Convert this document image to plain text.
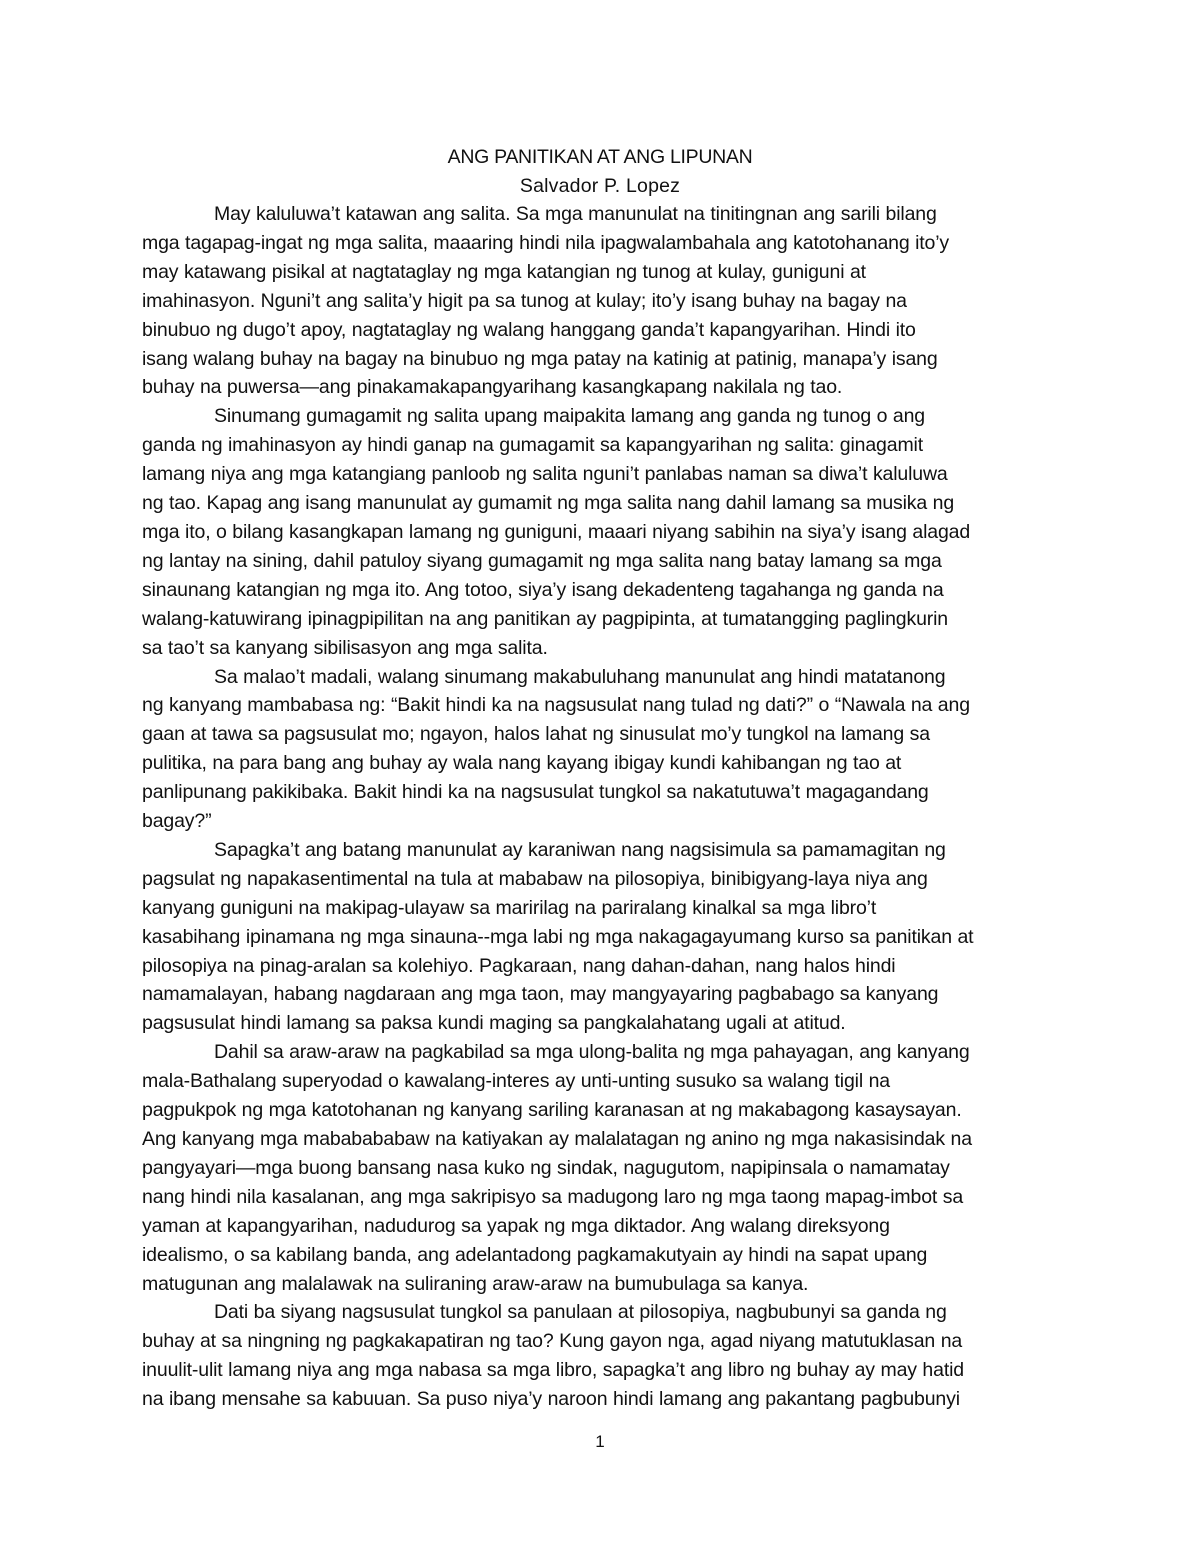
ANG PANITIKAN AT ANG LIPUNAN

Salvador P. Lopez

May kaluluwa’t katawan ang salita. Sa mga manunulat na tinitingnan ang sarili bilang
mga tagapag-ingat ng mga salita, maaaring hindi nila ipagwalambahala ang katotohanang ito’y
may katawang pisikal at nagtataglay ng mga katangian ng tunog at kulay, guniguni at
imahinasyon. Nguni’t ang salita’y higit pa sa tunog at kulay; ito’y isang buhay na bagay na
binubuo ng dugo’t apoy, nagtataglay ng walang hanggang ganda’t kapangyarihan. Hindi ito
isang walang buhay na bagay na binubuo ng mga patay na katinig at patinig, manapa’y isang
buhay na puwersa—ang pinakamakapangyarihang kasangkapang nakilala ng tao.

Sinumang gumagamit ng salita upang maipakita lamang ang ganda ng tunog o ang
ganda ng imahinasyon ay hindi ganap na gumagamit sa kapangyarihan ng salita: ginagamit
lamang niya ang mga katangiang panloob ng salita nguni’t panlabas naman sa diwa’t kaluluwa
ng tao. Kapag ang isang manunulat ay gumamit ng mga salita nang dahil lamang sa musika ng
mga ito, o bilang kasangkapan lamang ng guniguni, maaari niyang sabihin na siya’y isang alagad
ng lantay na sining, dahil patuloy siyang gumagamit ng mga salita nang batay lamang sa mga
sinaunang katangian ng mga ito. Ang totoo, siya’y isang dekadenteng tagahanga ng ganda na
walang-katuwirang ipinagpipilitan na ang panitikan ay pagpipinta, at tumatangging paglingkurin
sa tao’t sa kanyang sibilisasyon ang mga salita.

Sa malao’t madali, walang sinumang makabuluhang manunulat ang hindi matatanong
ng kanyang mambabasa ng: “Bakit hindi ka na nagsusulat nang tulad ng dati?” o “Nawala na ang
gaan at tawa sa pagsusulat mo; ngayon, halos lahat ng sinusulat mo’y tungkol na lamang sa
pulitika, na para bang ang buhay ay wala nang kayang ibigay kundi kahibangan ng tao at
panlipunang pakikibaka. Bakit hindi ka na nagsusulat tungkol sa nakatutuwa’t magagandang
bagay?”

Sapagka’t ang batang manunulat ay karaniwan nang nagsisimula sa pamamagitan ng
pagsulat ng napakasentimental na tula at mababaw na pilosopiya, binibigyang-laya niya ang
kanyang guniguni na makipag-ulayaw sa maririlag na pariralang kinalkal sa mga libro’t
kasabihang ipinamana ng mga sinauna--mga labi ng mga nakagagayumang kurso sa panitikan at
pilosopiya na pinag-aralan sa kolehiyo. Pagkaraan, nang dahan-dahan, nang halos hindi
namamalayan, habang nagdaraan ang mga taon, may mangyayaring pagbabago sa kanyang
pagsusulat hindi lamang sa paksa kundi maging sa pangkalahatang ugali at atitud.

Dahil sa araw-araw na pagkabilad sa mga ulong-balita ng mga pahayagan, ang kanyang
mala-Bathalang superyodad o kawalang-interes ay unti-unting susuko sa walang tigil na
pagpukpok ng mga katotohanan ng kanyang sariling karanasan at ng makabagong kasaysayan.
Ang kanyang mga mababababaw na katiyakan ay malalatagan ng anino ng mga nakasisindak na
pangyayari—mga buong bansang nasa kuko ng sindak, nagugutom, napipinsala o namamatay
nang hindi nila kasalanan, ang mga sakripisyo sa madugong laro ng mga taong mapag-imbot sa
yaman at kapangyarihan, nadudurog sa yapak ng mga diktador. Ang walang direksyong
idealismo, o sa kabilang banda, ang adelantadong pagkamakutyain ay hindi na sapat upang
matugunan ang malalawak na suliraning araw-araw na bumubulaga sa kanya.

Dati ba siyang nagsusulat tungkol sa panulaan at pilosopiya, nagbubunyi sa ganda ng
buhay at sa ningning ng pagkakapatiran ng tao? Kung gayon nga, agad niyang matutuklasan na
inuulit-ulit lamang niya ang mga nabasa sa mga libro, sapagka’t ang libro ng buhay ay may hatid
na ibang mensahe sa kabuuan. Sa puso niya’y naroon hindi lamang ang pakantang pagbubunyi

1
